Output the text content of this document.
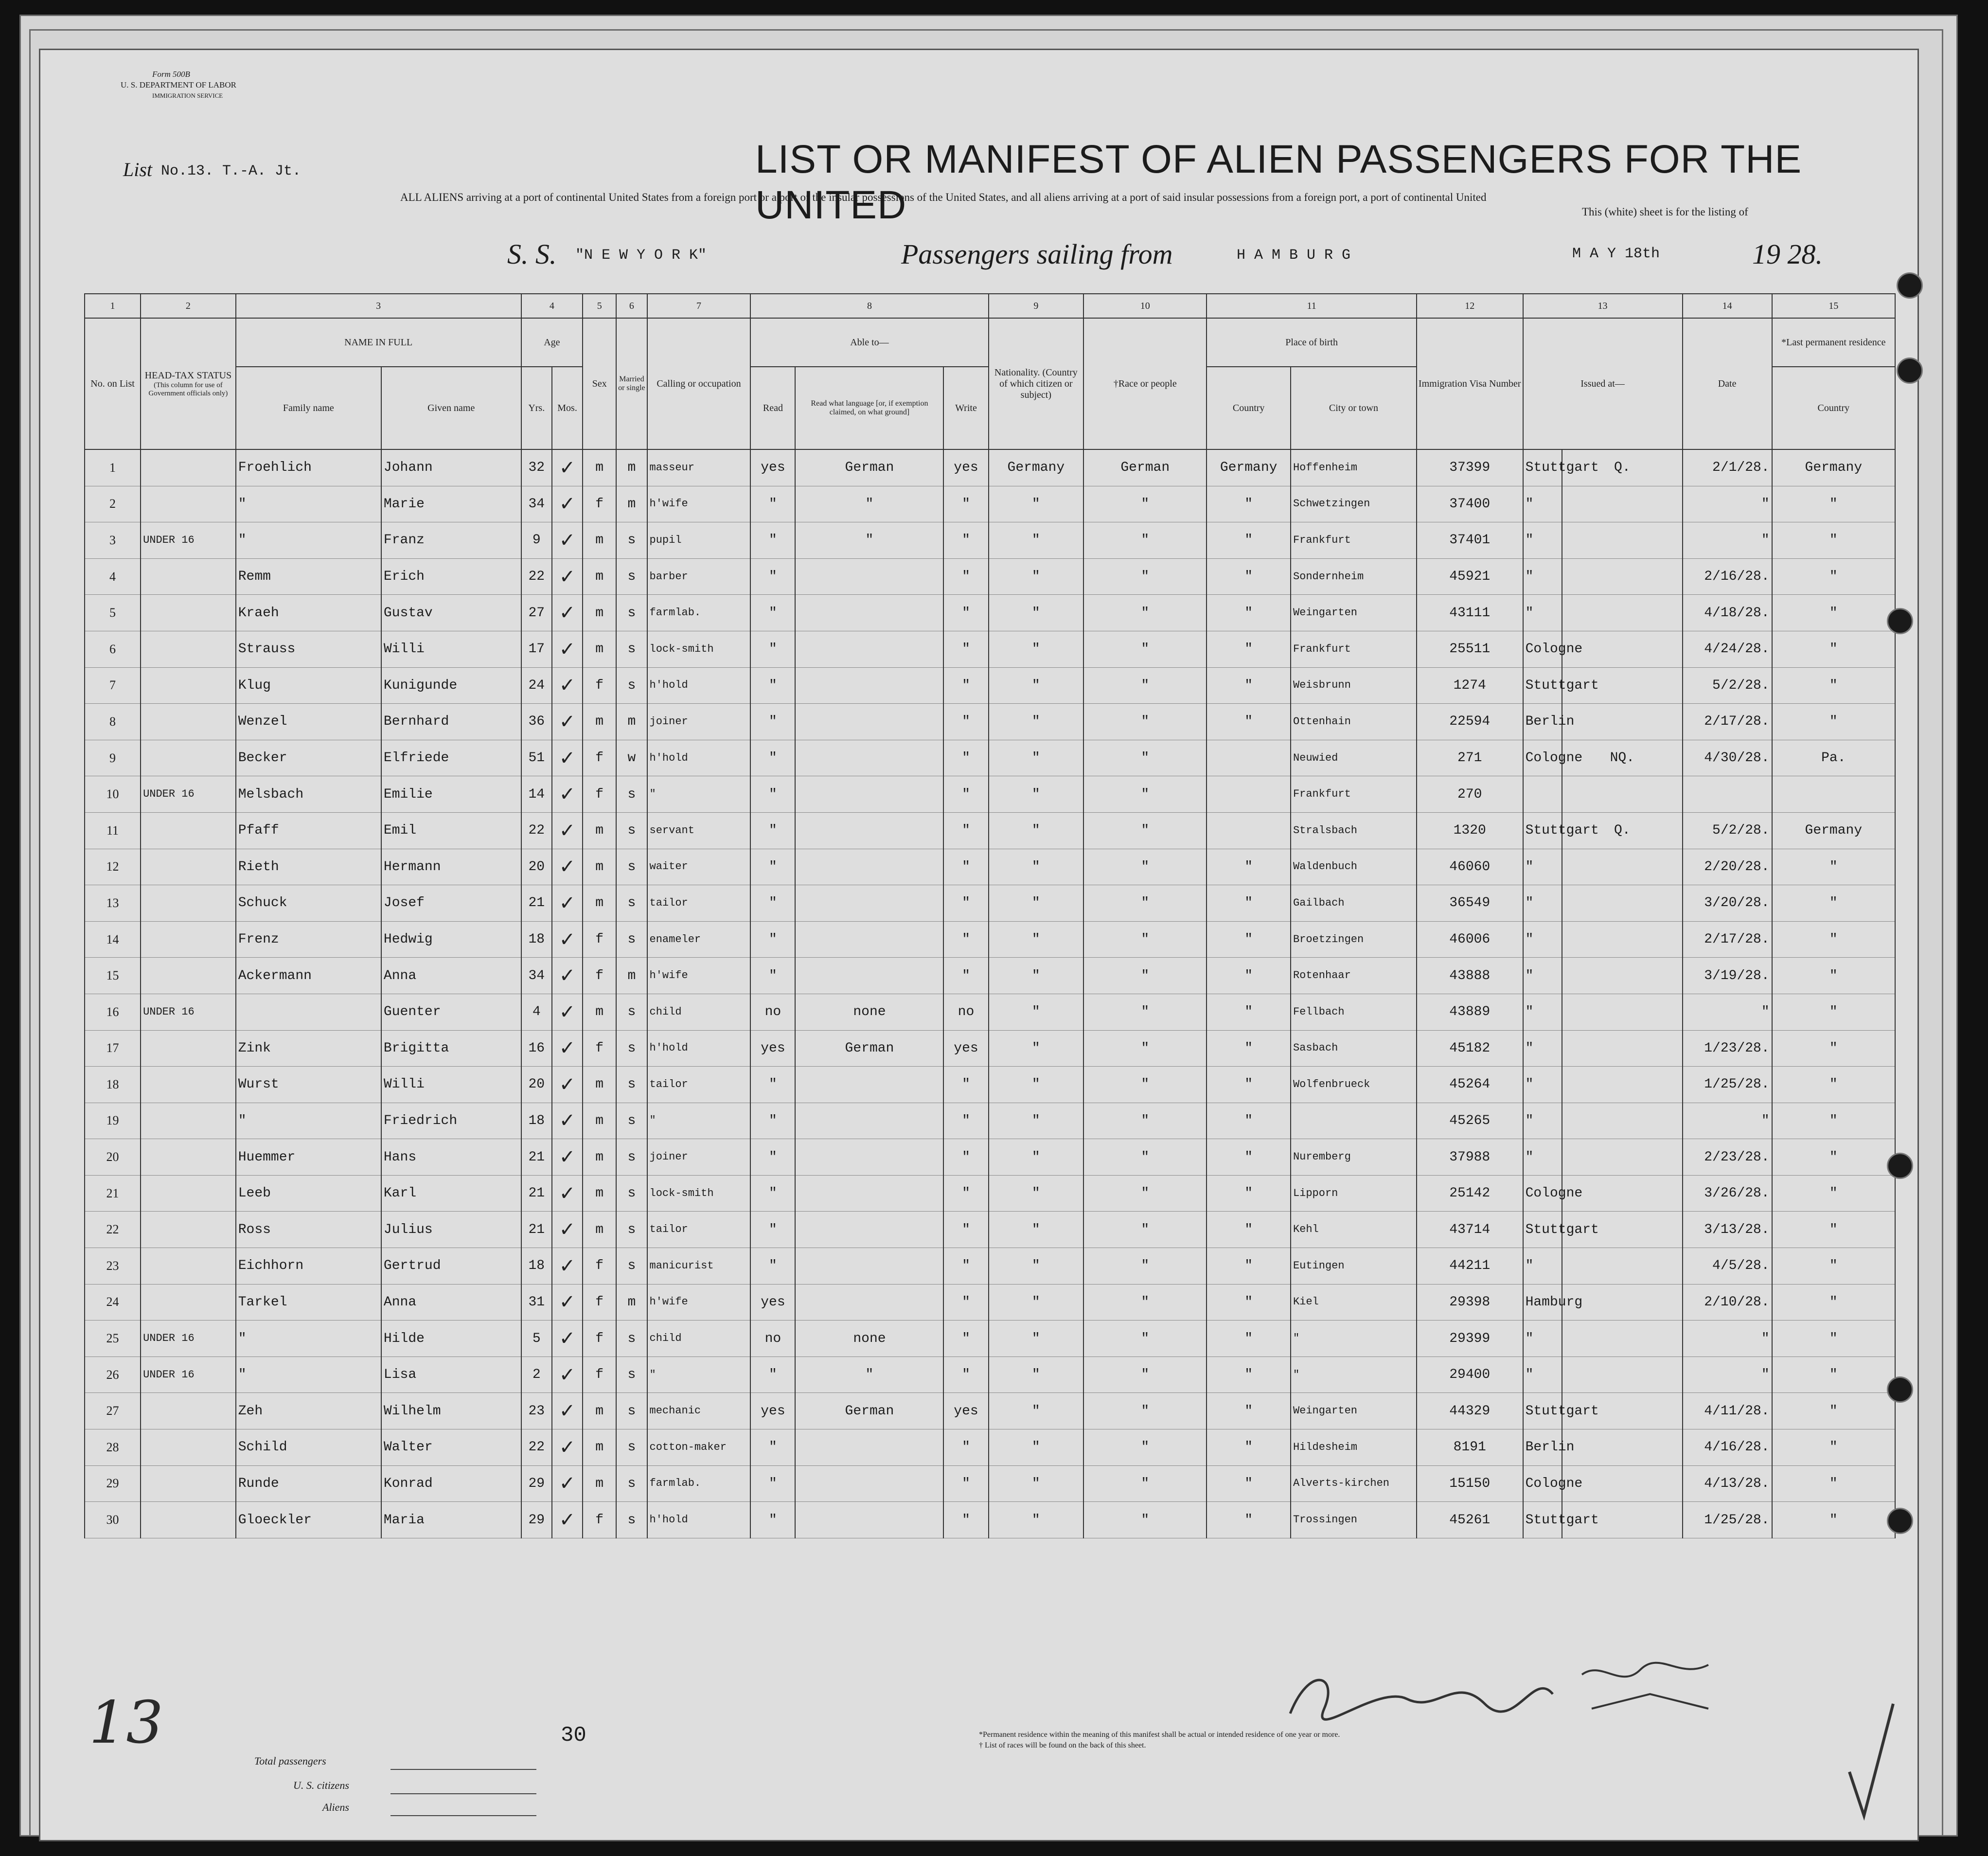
Form 500B
U. S. DEPARTMENT OF LABOR
IMMIGRATION SERVICE
List No.13. T.-A. Jt.	LIST OR MANIFEST OF ALIEN PASSENGERS FOR THE UNITED
ALL ALIENS arriving at a port of continental United States from a foreign port or a port of the insular possessions of the United States, and all aliens arriving at a port of said insular possessions from a foreign port, a port of continental United
This (white) sheet is for the listing of
S. S. "N E W Y O R K"	Passengers sailing from	H A M B U R G	M A Y 18th	19 28.
1	2	3		4		5	6	7	8			9	10	11		12	13		14	15	
No. on List	HEAD-TAX STATUS
(This column for use of Government officials only)	NAME IN FULL		Age		Sex	Married or single	Calling or occupation	Able to—			Nationality. (Country of which citizen or subject)	†Race or people	Place of birth		Immigration Visa Number	Issued at—		Date	*Last permanent residence	
		Family name	Given name	Yrs.	Mos.				Read	Read what language [or, if exemption claimed, on what ground]	Write			Country	City or town					Country	
1		Froehlich	Johann	32	✓	m	m	masseur	yes	German	yes	Germany	German	Germany	Hoffenheim	37399	Stuttgart	Q.	2/1/28.	Germany	
2		"	Marie	34	✓	f	m	h'wife	"	"	"	"	"	"	Schwetzingen	37400	"		"	"	
3	UNDER 16	"	Franz	9	✓	m	s	pupil	"	"	"	"	"	"	Frankfurt	37401	"		"	"	
4		Remm	Erich	22	✓	m	s	barber	"		"	"	"	"	Sondernheim	45921	"		2/16/28.	"	
5		Kraeh	Gustav	27	✓	m	s	farmlab.	"		"	"	"	"	Weingarten	43111	"		4/18/28.	"	
6		Strauss	Willi	17	✓	m	s	lock-smith	"		"	"	"	"	Frankfurt	25511	Cologne		4/24/28.	"	
7		Klug	Kunigunde	24	✓	f	s	h'hold	"		"	"	"	"	Weisbrunn	1274	Stuttgart		5/2/28.	"	
8		Wenzel	Bernhard	36	✓	m	m	joiner	"		"	"	"	"	Ottenhain	22594	Berlin		2/17/28.	"	
9		Becker	Elfriede	51	✓	f	w	h'hold	"		"	"	"		Neuwied	271	Cologne	NQ.	4/30/28.	Pa.	
10	UNDER 16	Melsbach	Emilie	14	✓	f	s	"	"		"	"	"		Frankfurt	270					
11		Pfaff	Emil	22	✓	m	s	servant	"		"	"	"		Stralsbach	1320	Stuttgart	Q.	5/2/28.	Germany	
12		Rieth	Hermann	20	✓	m	s	waiter	"		"	"	"	"	Waldenbuch	46060	"		2/20/28.	"	
13		Schuck	Josef	21	✓	m	s	tailor	"		"	"	"	"	Gailbach	36549	"		3/20/28.	"	
14		Frenz	Hedwig	18	✓	f	s	enameler	"		"	"	"	"	Broetzingen	46006	"		2/17/28.	"	
15		Ackermann	Anna	34	✓	f	m	h'wife	"		"	"	"	"	Rotenhaar	43888	"		3/19/28.	"	
16	UNDER 16		Guenter	4	✓	m	s	child	no	none	no	"	"	"	Fellbach	43889	"		"	"	
17		Zink	Brigitta	16	✓	f	s	h'hold	yes	German	yes	"	"	"	Sasbach	45182	"		1/23/28.	"	
18		Wurst	Willi	20	✓	m	s	tailor	"		"	"	"	"	Wolfenbrueck	45264	"		1/25/28.	"	
19		"	Friedrich	18	✓	m	s	"	"		"	"	"	"		45265	"		"	"	
20		Huemmer	Hans	21	✓	m	s	joiner	"		"	"	"	"	Nuremberg	37988	"		2/23/28.	"	
21		Leeb	Karl	21	✓	m	s	lock-smith	"		"	"	"	"	Lipporn	25142	Cologne		3/26/28.	"	
22		Ross	Julius	21	✓	m	s	tailor	"		"	"	"	"	Kehl	43714	Stuttgart		3/13/28.	"	
23		Eichhorn	Gertrud	18	✓	f	s	manicurist	"		"	"	"	"	Eutingen	44211	"		4/5/28.	"	
24		Tarkel	Anna	31	✓	f	m	h'wife	yes		"	"	"	"	Kiel	29398	Hamburg		2/10/28.	"	
25	UNDER 16	"	Hilde	5	✓	f	s	child	no	none	"	"	"	"	"	29399	"		"	"	
26	UNDER 16	"	Lisa	2	✓	f	s	"	"	"	"	"	"	"	"	29400	"		"	"	
27		Zeh	Wilhelm	23	✓	m	s	mechanic	yes	German	yes	"	"	"	Weingarten	44329	Stuttgart		4/11/28.	"	
28		Schild	Walter	22	✓	m	s	cotton-maker	"		"	"	"	"	Hildesheim	8191	Berlin		4/16/28.	"	
29		Runde	Konrad	29	✓	m	s	farmlab.	"		"	"	"	"	Alverts-kirchen	15150	Cologne		4/13/28.	"	
30		Gloeckler	Maria	29	✓	f	s	h'hold	"		"	"	"	"	Trossingen	45261	Stuttgart		1/25/28.	"	
13
Total passengers
30
U. S. citizens
Aliens
*Permanent residence within the meaning of this manifest shall be actual or intended residence of one year or more.
† List of races will be found on the back of this sheet.
